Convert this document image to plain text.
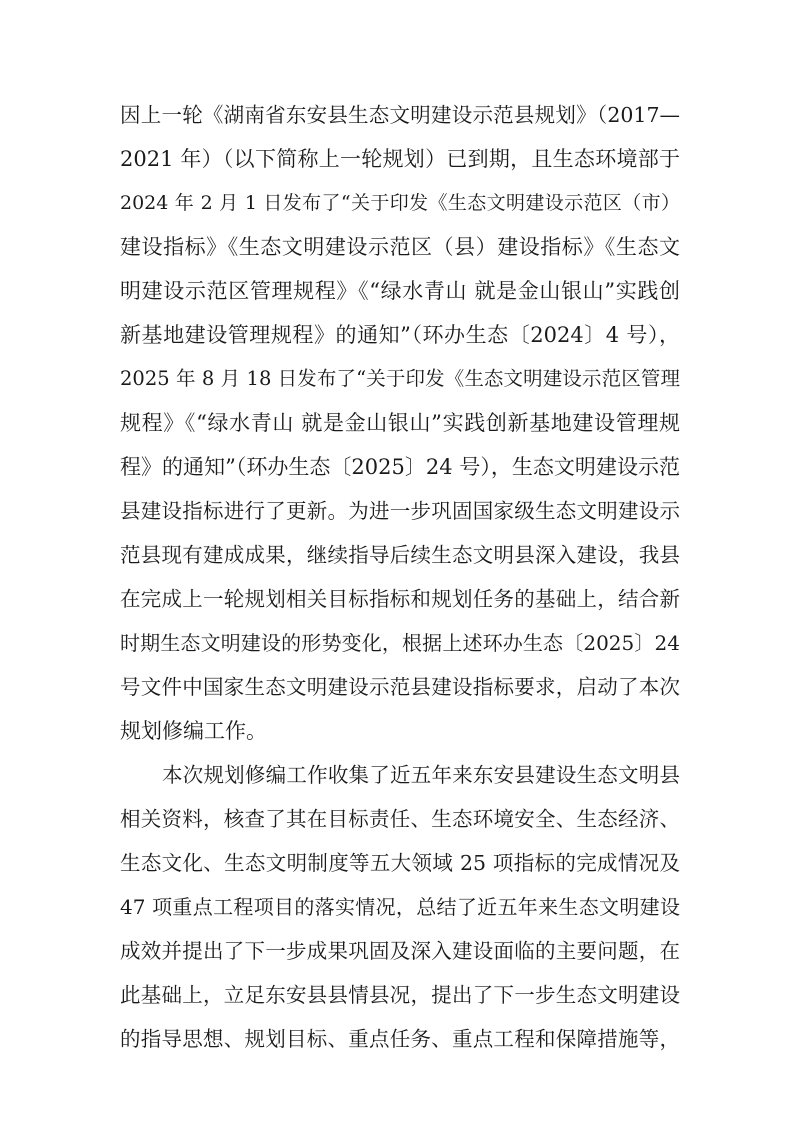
因上一轮《湖南省东安县生态文明建设示范县规划》（2017—
2021 年）（以下简称上一轮规划）已到期，且生态环境部于
2024 年 2 月 1 日发布了“关于印发《生态文明建设示范区（市）
建设指标》《生态文明建设示范区（县）建设指标》《生态文
明建设示范区管理规程》《“绿水青山 就是金山银山”实践创
新基地建设管理规程》的通知”（环办生态〔2024〕4 号），
2025 年 8 月 18 日发布了“关于印发《生态文明建设示范区管理
规程》《“绿水青山 就是金山银山”实践创新基地建设管理规
程》的通知”（环办生态〔2025〕24 号），生态文明建设示范
县建设指标进行了更新。为进一步巩固国家级生态文明建设示
范县现有建成成果，继续指导后续生态文明县深入建设，我县
在完成上一轮规划相关目标指标和规划任务的基础上，结合新
时期生态文明建设的形势变化，根据上述环办生态〔2025〕24
号文件中国家生态文明建设示范县建设指标要求，启动了本次
规划修编工作。
本次规划修编工作收集了近五年来东安县建设生态文明县
相关资料，核查了其在目标责任、生态环境安全、生态经济、
生态文化、生态文明制度等五大领域 25 项指标的完成情况及
47 项重点工程项目的落实情况，总结了近五年来生态文明建设
成效并提出了下一步成果巩固及深入建设面临的主要问题，在
此基础上，立足东安县县情县况，提出了下一步生态文明建设
的指导思想、规划目标、重点任务、重点工程和保障措施等，
